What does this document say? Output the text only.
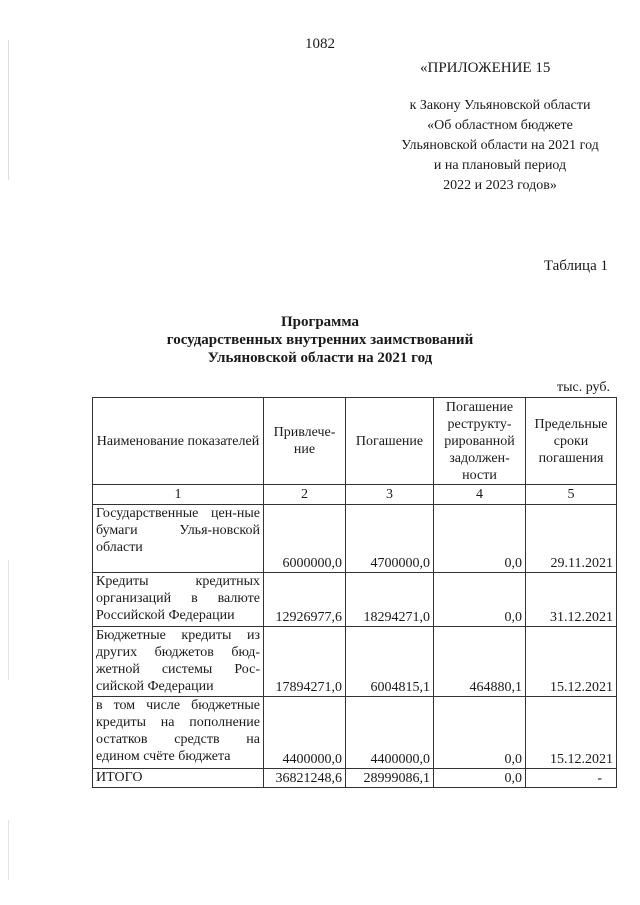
1082
«ПРИЛОЖЕНИЕ 15
к Закону Ульяновской области
«Об областном бюджете
Ульяновской области на 2021 год
и на плановый период
2022 и 2023 годов»
Таблица 1
Программа
государственных внутренних заимствований
Ульяновской области на 2021 год
тыс. руб.
Наименование показателей	Привлече-ние	Погашение	Погашение реструкту-рированной задолжен-ности	Предельные сроки погашения
1	2	3	4	5
Государственные цен-ные бумаги Улья-новской области	6000000,0	4700000,0	0,0	29.11.2021
Кредиты кредитных организаций в валюте Российской Федерации	12926977,6	18294271,0	0,0	31.12.2021
Бюджетные кредиты из других бюджетов бюд-жетной системы Рос-сийской Федерации	17894271,0	6004815,1	464880,1	15.12.2021
в том числе бюджетные кредиты на пополнение остатков средств на едином счёте бюджета	4400000,0	4400000,0	0,0	15.12.2021
ИТОГО	36821248,6	28999086,1	0,0	-
